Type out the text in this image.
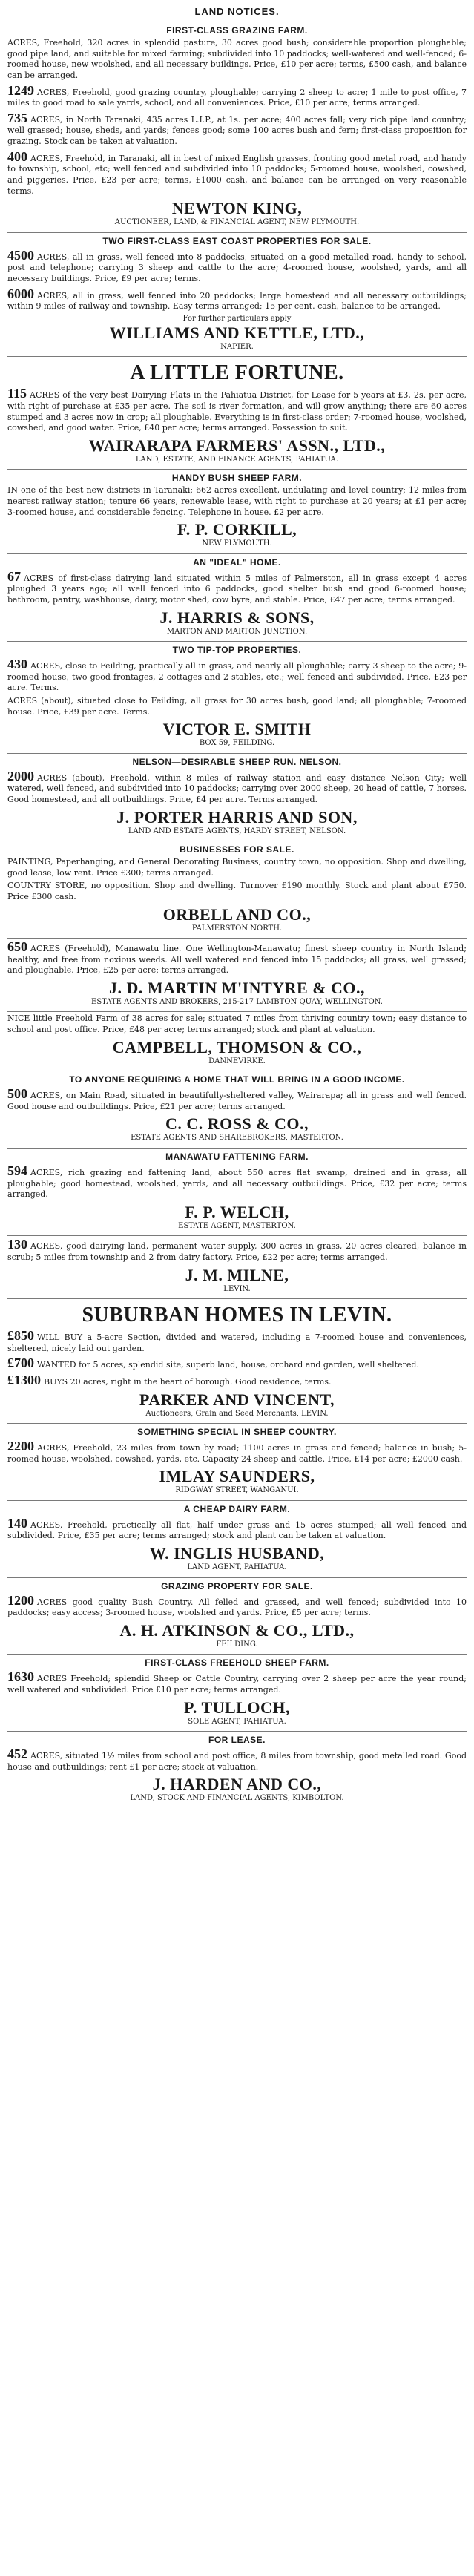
LAND NOTICES.
FIRST-CLASS GRAZING FARM.
ACRES, Freehold, 320 acres in splendid pasture, 30 acres good bush; considerable proportion ploughable; good pipe land, and suitable for mixed farming; subdivided into 10 paddocks; well-watered and well-fenced; 6-roomed house, new woolshed, and all necessary buildings. Price, £10 per acre; terms, £500 cash, and balance can be arranged.
1249 ACRES, Freehold, good grazing country, ploughable; carrying 2 sheep to acre; 1 mile to post office, 7 miles to good road to sale yards, school, and all conveniences. Price, £10 per acre; terms arranged.
735 ACRES, in North Taranaki, 435 acres L.I.P., at 1s. per acre; 400 acres fall; very rich pipe land country; well grassed; house, sheds, and yards; fences good; some 100 acres bush and fern; first-class proposition for grazing. Stock can be taken at valuation.
400 ACRES, Freehold, in Taranaki, all in best of mixed English grasses, fronting good metal road, and handy to township, school, etc; well fenced and subdivided into 10 paddocks; 5-roomed house, woolshed, cowshed, and piggeries. Price, £23 per acre; terms, £1000 cash, and balance can be arranged on very reasonable terms.
NEWTON KING,
AUCTIONEER, LAND, & FINANCIAL AGENT, NEW PLYMOUTH.
TWO FIRST-CLASS EAST COAST PROPERTIES FOR SALE.
4500 ACRES, all in grass, well fenced into 8 paddocks, situated on a good metalled road, handy to school, post and telephone; carrying 3 sheep and cattle to the acre; 4-roomed house, woolshed, yards, and all necessary buildings. Price, £9 per acre; terms.
6000 ACRES, all in grass, well fenced into 20 paddocks; large homestead and all necessary outbuildings; within 9 miles of railway and township. Easy terms arranged; 15 per cent. cash, balance to be arranged.
For further particulars apply
WILLIAMS AND KETTLE, LTD.,
NAPIER.
A LITTLE FORTUNE.
115 ACRES of the very best Dairying Flats in the Pahiatua District, for Lease for 5 years at £3, 2s. per acre, with right of purchase at £35 per acre. The soil is river formation, and will grow anything; there are 60 acres stumped and 3 acres now in crop; all ploughable. Everything is in first-class order; 7-roomed house, woolshed, cowshed, and good water. Price, £40 per acre; terms arranged. Possession to suit.
WAIRARAPA FARMERS' ASSN., LTD.,
LAND, ESTATE, AND FINANCE AGENTS, PAHIATUA.
HANDY BUSH SHEEP FARM.
IN one of the best new districts in Taranaki; 662 acres excellent, undulating and level country; 12 miles from nearest railway station; tenure 66 years, renewable lease, with right to purchase at 20 years; at £1 per acre; 3-roomed house, and considerable fencing. Telephone in house. £2 per acre.
F. P. CORKILL,
NEW PLYMOUTH.
AN "IDEAL" HOME.
67 ACRES of first-class dairying land situated within 5 miles of Palmerston, all in grass except 4 acres ploughed 3 years ago; all well fenced into 6 paddocks, good shelter bush and good 6-roomed house; bathroom, pantry, washhouse, dairy, motor shed, cow byre, and stable. Price, £47 per acre; terms arranged.
J. HARRIS & SONS,
MARTON AND MARTON JUNCTION.
TWO TIP-TOP PROPERTIES.
430 ACRES, close to Feilding, practically all in grass, and nearly all ploughable; carry 3 sheep to the acre; 9-roomed house, two good frontages, 2 cottages and 2 stables, etc.; well fenced and subdivided. Price, £23 per acre. Terms.
ACRES (about), situated close to Feilding, all grass for 30 acres bush, good land; all ploughable; 7-roomed house. Price, £39 per acre. Terms.
VICTOR E. SMITH
BOX 59, FEILDING.
NELSON—DESIRABLE SHEEP RUN. NELSON.
2000 ACRES (about), Freehold, within 8 miles of railway station and easy distance Nelson City; well watered, well fenced, and subdivided into 10 paddocks; carrying over 2000 sheep, 20 head of cattle, 7 horses. Good homestead, and all outbuildings. Price, £4 per acre. Terms arranged.
J. PORTER HARRIS AND SON,
LAND AND ESTATE AGENTS, HARDY STREET, NELSON.
BUSINESSES FOR SALE.
PAINTING, Paperhanging, and General Decorating Business, country town, no opposition. Shop and dwelling, good lease, low rent. Price £300; terms arranged.
COUNTRY STORE, no opposition. Shop and dwelling. Turnover £190 monthly. Stock and plant about £750. Price £300 cash.
ORBELL AND CO.,
PALMERSTON NORTH.
650 ACRES (Freehold), Manawatu line. One Wellington-Manawatu; finest sheep country in North Island; healthy, and free from noxious weeds. All well watered and fenced into 15 paddocks; all grass, well grassed; and ploughable. Price, £25 per acre; terms arranged.
J. D. MARTIN M'INTYRE & CO.,
ESTATE AGENTS AND BROKERS, 215-217 LAMBTON QUAY, WELLINGTON.
NICE little Freehold Farm of 38 acres for sale; situated 7 miles from thriving country town; easy distance to school and post office. Price, £48 per acre; terms arranged; stock and plant at valuation.
CAMPBELL, THOMSON & CO.,
DANNEVIRKE.
TO ANYONE REQUIRING A HOME THAT WILL BRING IN A GOOD INCOME.
500 ACRES, on Main Road, situated in beautifully-sheltered valley, Wairarapa; all in grass and well fenced. Good house and outbuildings. Price, £21 per acre; terms arranged.
C. C. ROSS & CO.,
ESTATE AGENTS AND SHAREBROKERS, MASTERTON.
MANAWATU FATTENING FARM.
594 ACRES, rich grazing and fattening land, about 550 acres flat swamp, drained and in grass; all ploughable; good homestead, woolshed, yards, and all necessary outbuildings. Price, £32 per acre; terms arranged.
F. P. WELCH,
ESTATE AGENT, MASTERTON.
130 ACRES, good dairying land, permanent water supply, 300 acres in grass, 20 acres cleared, balance in scrub; 5 miles from township and 2 from dairy factory. Price, £22 per acre; terms arranged.
J. M. MILNE,
LEVIN.
SUBURBAN HOMES IN LEVIN.
£850 WILL BUY a 5-acre Section, divided and watered, including a 7-roomed house and conveniences, sheltered, nicely laid out garden.
£700 WANTED for 5 acres, splendid site, superb land, house, orchard and garden, well sheltered.
£1300 BUYS 20 acres, right in the heart of borough. Good residence, terms.
PARKER AND VINCENT,
Auctioneers, Grain and Seed Merchants, LEVIN.
SOMETHING SPECIAL IN SHEEP COUNTRY.
2200 ACRES, Freehold, 23 miles from town by road; 1100 acres in grass and fenced; balance in bush; 5-roomed house, woolshed, cowshed, yards, etc. Capacity 24 sheep and cattle. Price, £14 per acre; £2000 cash.
IMLAY SAUNDERS,
RIDGWAY STREET, WANGANUI.
A CHEAP DAIRY FARM.
140 ACRES, Freehold, practically all flat, half under grass and 15 acres stumped; all well fenced and subdivided. Price, £35 per acre; terms arranged; stock and plant can be taken at valuation.
W. INGLIS HUSBAND,
LAND AGENT, PAHIATUA.
GRAZING PROPERTY FOR SALE.
1200 ACRES good quality Bush Country. All felled and grassed, and well fenced; subdivided into 10 paddocks; easy access; 3-roomed house, woolshed and yards. Price, £5 per acre; terms.
A. H. ATKINSON & CO., LTD.,
FEILDING.
FIRST-CLASS FREEHOLD SHEEP FARM.
1630 ACRES Freehold; splendid Sheep or Cattle Country, carrying over 2 sheep per acre the year round; well watered and subdivided. Price £10 per acre; terms arranged.
P. TULLOCH,
SOLE AGENT, PAHIATUA.
FOR LEASE.
452 ACRES, situated 1½ miles from school and post office, 8 miles from township, good metalled road. Good house and outbuildings; rent £1 per acre; stock at valuation.
J. HARDEN AND CO.,
LAND, STOCK AND FINANCIAL AGENTS, KIMBOLTON.
